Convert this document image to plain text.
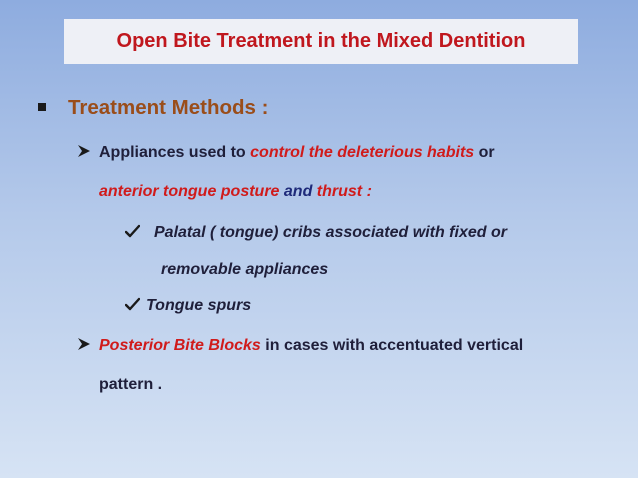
Open Bite Treatment in the Mixed Dentition
Treatment Methods :
Appliances used to control the deleterious habits or
anterior tongue posture and thrust :
Palatal ( tongue) cribs associated with fixed or
removable appliances
Tongue spurs
Posterior Bite Blocks in cases with accentuated vertical
pattern .
